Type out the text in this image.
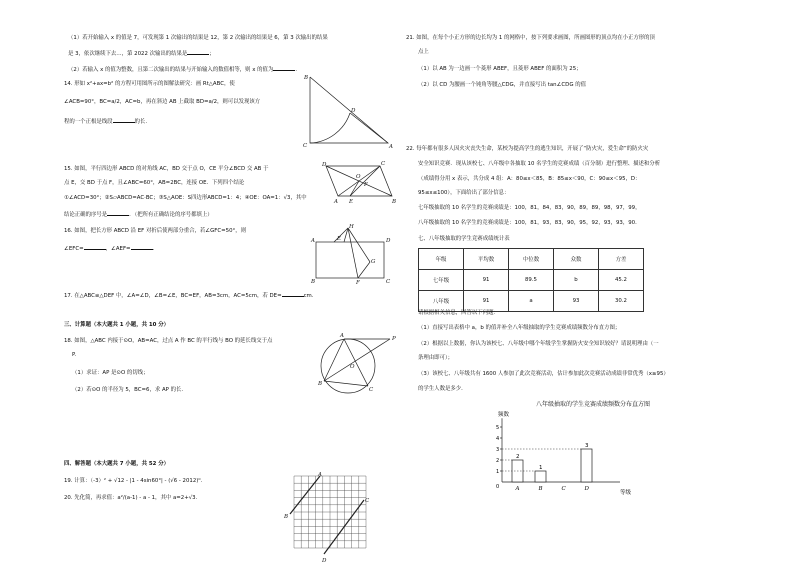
（1）若开始输入 x 的值是 7，可发现第 1 次输出的结果是 12，第 2 次输出的结果是 6，第 3 次输出的结果
是 3，依次继续下去…，第 2022 次输出的结果是	；
（2）若输入 x 的值为整数，且第二次输出的结果与开始输入的数值相等，则 x 的值为	．
14. 形如 x²+ax=b² 的方程可用图所示的图解法研究：画 Rt△ABC，使
∠ACB=90°，BC=a/2，AC=b，再在斜边 AB 上截取 BD=a/2，则可以发现该方
程的一个正根是线段	的长.
B
C	A
D
15. 如图，平行四边形 ABCD 的对角线 AC，BD 交于点 O，CE 平分∠BCD 交 AB 于
点 E，交 BD 于点 F，且∠ABC=60°，AB=2BC，连接 OE．下列四个结论
①∠ACD=30°；②S▱ABCD=AC·BC；③S△AOE：S四边形ABCD=1：4；④OE：OA=1：√3，其中
结论正确的序号是	．（把所有正确结论的序号都填上）
D	C
A E	B
O
F
16. 如图，把长方形 ABCD 沿 EF 对折后使两部分重合，若∠GFC=50°，则
∠EFC=	，∠AEF=	．
A	E
H
D
G
B	F	C
17. 在△ABC≌△DEF 中，∠A=∠D，∠B=∠E，BC=EF，AB=3cm，AC=5cm，若 DE=	cm.
三、计算题（本大题共 1 小题，共 10 分）
18. 如图，△ABC 内接于⊙O，AB=AC，过点 A 作 BC 的平行线与 BO 的延长线交于点
P.
（1）求证：AP 是⊙O 的切线；
（2）若⊙O 的半径为 5，BC=6，求 AP 的长.
A	P
B
C
O
四、解答题（本大题共 7 小题，共 52 分）
19. 计算：（-3）² + √12 - |1 - 4sin60°| - (√6 - 2012)⁰.
20. 先化简，再求值：a²/(a-1) - a - 1，其中 a=2+√3.
A
B
C
D
21. 如图，在每个小正方形的边长均为 1 的网格中，按下列要求画图，所画图形的顶点均在小正方形的顶
点上
（1）以 AB 为一边画一个菱形 ABEF，且菱形 ABEF 的面积为 25；
（2）以 CD 为腰画一个钝角等腰△CDG，并直接写出 tan∠CDG 的值
22. 每年都有很多人因火灾丧失生命，某校为提高学生的逃生知识，开展了“防火灾，爱生命”的防火灾
安全知识竞赛．现从该校七、八年级中各抽取 10 名学生的竞赛成绩（百分制）进行整理、描述和分析
（成绩得分用 x 表示，共分成 4 组：A：80≤x＜85，B：85≤x＜90，C：90≤x＜95，D：
95≤x≤100），下面给出了部分信息：
七年级抽取的 10 名学生的竞赛成绩是：100，81，84，83，90，89，89，98，97，99，
八年级抽取的 10 名学生的竞赛成绩是：100，81，93，83，90，95，92，93，93，90．
七、八年级抽取的学生竞赛成绩统计表
年级	平均数	中位数	众数	方差
七年级	91	89.5	b	45.2
八年级	91	a	93	30.2
请根据相关信息，回答以下问题：
（1）直接写出表格中 a，b 的值并补全八年级抽取的学生竞赛成绩频数分布直方图；
（2）根据以上数据，你认为该校七、八年级中哪个年级学生掌握防火安全知识较好？请说明理由（一
条理由即可）；
（3）该校七、八年级共有 1600 人参加了此次竞赛活动，估计参加此次竞赛活动成绩非常优秀（x≥95）
的学生人数是多少．
八年级抽取的学生竞赛成绩频数分布直方图
频数
等级
0
1
2
3
4
5
2
A
1
B	C
3
D
